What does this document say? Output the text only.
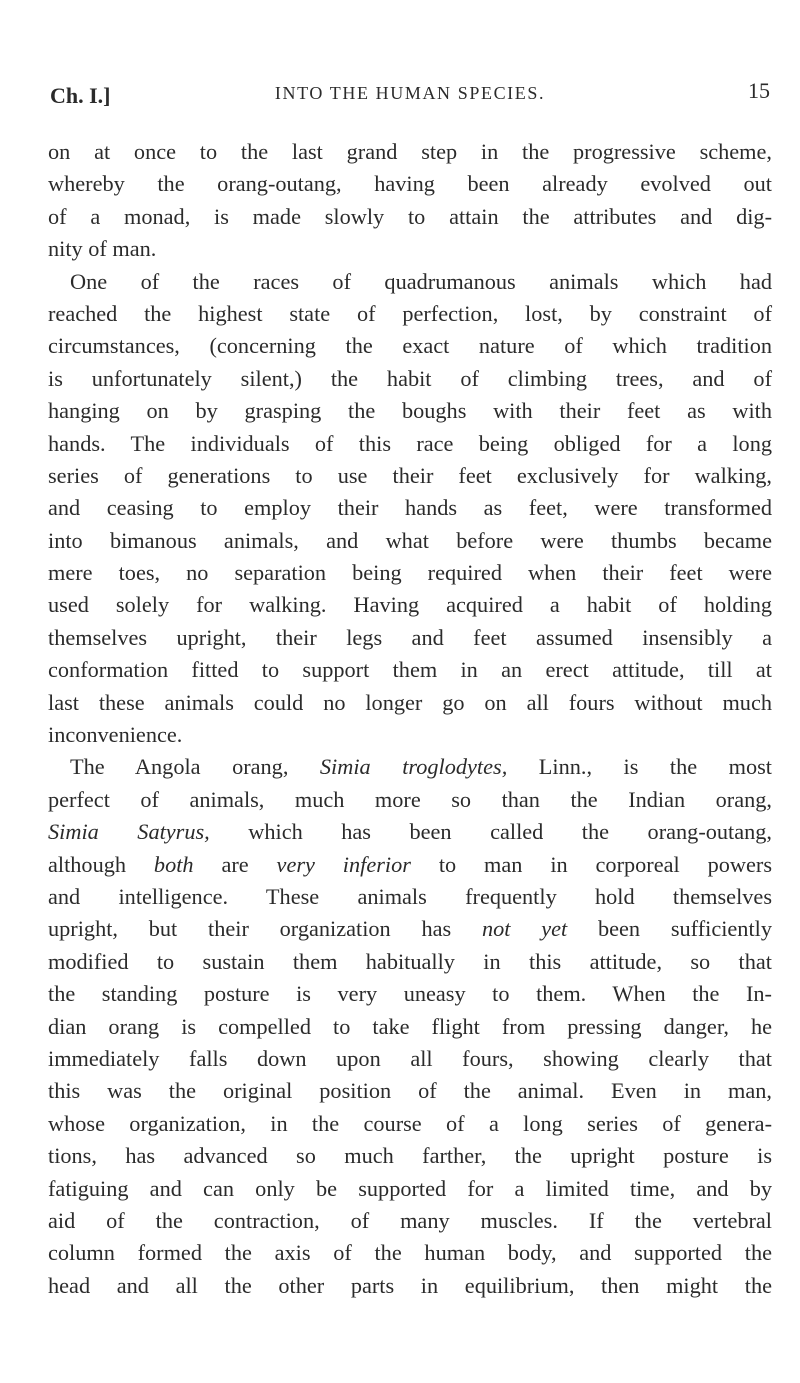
Ch. I.]	INTO THE HUMAN SPECIES.	15
on at once to the last grand step in the progressive scheme,
whereby the orang-outang, having been already evolved out
of a monad, is made slowly to attain the attributes and dig-
nity of man.
One of the races of quadrumanous animals which had
reached the highest state of perfection, lost, by constraint of
circumstances, (concerning the exact nature of which tradition
is unfortunately silent,) the habit of climbing trees, and of
hanging on by grasping the boughs with their feet as with
hands. The individuals of this race being obliged for a long
series of generations to use their feet exclusively for walking,
and ceasing to employ their hands as feet, were transformed
into bimanous animals, and what before were thumbs became
mere toes, no separation being required when their feet were
used solely for walking. Having acquired a habit of holding
themselves upright, their legs and feet assumed insensibly a
conformation fitted to support them in an erect attitude, till at
last these animals could no longer go on all fours without much
inconvenience.
The Angola orang, Simia troglodytes, Linn., is the most
perfect of animals, much more so than the Indian orang,
Simia Satyrus, which has been called the orang-outang,
although both are very inferior to man in corporeal powers
and intelligence. These animals frequently hold themselves
upright, but their organization has not yet been sufficiently
modified to sustain them habitually in this attitude, so that
the standing posture is very uneasy to them. When the In-
dian orang is compelled to take flight from pressing danger, he
immediately falls down upon all fours, showing clearly that
this was the original position of the animal. Even in man,
whose organization, in the course of a long series of genera-
tions, has advanced so much farther, the upright posture is
fatiguing and can only be supported for a limited time, and by
aid of the contraction, of many muscles. If the vertebral
column formed the axis of the human body, and supported the
head and all the other parts in equilibrium, then might the
